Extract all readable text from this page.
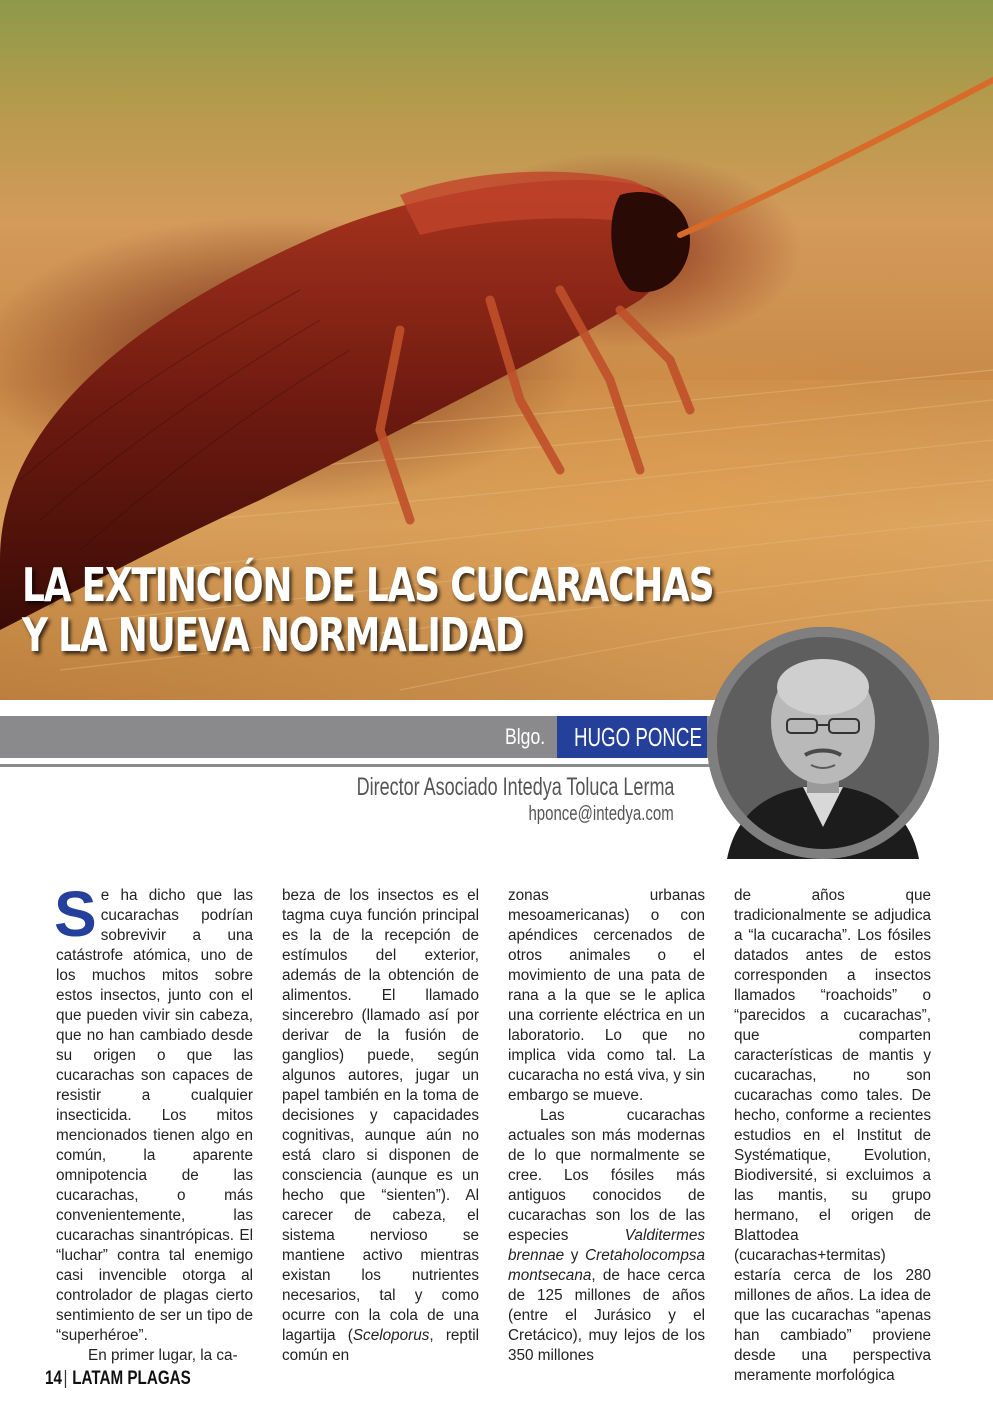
LA EXTINCIÓN DE LAS CUCARACHAS
Y LA NUEVA NORMALIDAD
Blgo. HUGO PONCE
Director Asociado Intedya Toluca Lerma
hponce@intedya.com

Se ha dicho que las cucarachas podrían sobrevivir a una catástrofe atómica, uno de los muchos mitos sobre estos insectos, junto con el que pueden vivir sin cabeza, que no han cambiado desde su origen o que las cucarachas son capaces de resistir a cualquier insecticida. Los mitos mencionados tienen algo en común, la aparente omnipotencia de las cucarachas, o más convenientemente, las cucarachas sinantrópicas. El “luchar” contra tal enemigo casi invencible otorga al controlador de plagas cierto sentimiento de ser un tipo de “superhéroe”.

En primer lugar, la ca-

beza de los insectos es el tagma cuya función principal es la de la recepción de estímulos del exterior, además de la obtención de alimentos. El llamado sincerebro (llamado así por derivar de la fusión de ganglios) puede, según algunos autores, jugar un papel también en la toma de decisiones y capacidades cognitivas, aunque aún no está claro si disponen de consciencia (aunque es un hecho que “sienten”). Al carecer de cabeza, el sistema nervioso se mantiene activo mientras existan los nutrientes necesarios, tal y como ocurre con la cola de una lagartija (Sceloporus, reptil común en

zonas urbanas mesoamericanas) o con apéndices cercenados de otros animales o el movimiento de una pata de rana a la que se le aplica una corriente eléctrica en un laboratorio. Lo que no implica vida como tal. La cucaracha no está viva, y sin embargo se mueve.

Las cucarachas actuales son más modernas de lo que normalmente se cree. Los fósiles más antiguos conocidos de cucarachas son los de las especies Valditermes brennae y Cretaholocompsa montsecana, de hace cerca de 125 millones de años (entre el Jurásico y el Cretácico), muy lejos de los 350 millones

de años que tradicionalmente se adjudica a “la cucaracha”. Los fósiles datados antes de estos corresponden a insectos llamados “roachoids” o “parecidos a cucarachas”, que comparten características de mantis y cucarachas, no son cucarachas como tales. De hecho, conforme a recientes estudios en el Institut de Systématique, Evolution, Biodiversité, si excluimos a las mantis, su grupo hermano, el origen de Blattodea (cucarachas+termitas) estaría cerca de los 280 millones de años. La idea de que las cucarachas “apenas han cambiado” proviene desde una perspectiva meramente morfológica

14| LATAM PLAGAS
